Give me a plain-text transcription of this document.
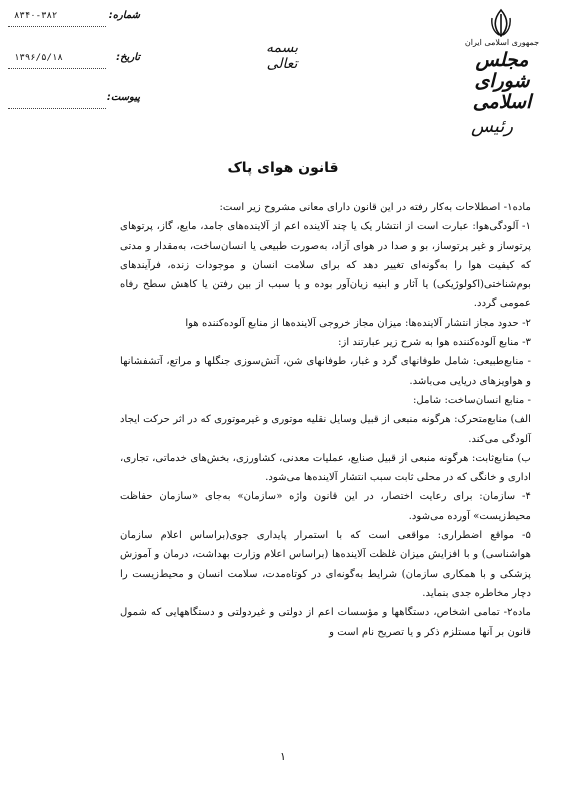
جمهوری اسلامی ایران
مجلس شورای اسلامی
رئیس
بسمه تعالی
شماره:
۸۳۴۰-۳۸۲
تاریخ:
۱۳۹۶/۵/۱۸
پیوست:
قانون هوای پاک

ماده۱- اصطلاحات به‌کار رفته در این قانون دارای معانی مشروح زیر است:

۱- آلودگی‌هوا: عبارت است از انتشار یک یا چند آلاینده اعم از آلاینده‌های جامد، مایع، گاز، پرتوهای پرتوساز و غیر پرتوساز، بو و صدا در هوای آزاد، به‌صورت طبیعی یا انسان‌ساخت، به‌مقدار و مدتی که کیفیت هوا را به‌گونه‌ای تغییر دهد که برای سلامت انسان و موجودات زنده، فرآیندهای بوم‌شناختی(اکولوژیکی) یا آثار و ابنیه زیان‌آور بوده و یا سبب از بین رفتن یا کاهش سطح رفاه عمومی گردد.

۲- حدود مجاز انتشار آلاینده‌ها: میزان مجاز خروجی آلاینده‌ها از منابع آلوده‌کننده هوا

۳- منابع آلوده‌کننده هوا به شرح زیر عبارتند از:

- منابع‌طبیعی: شامل طوفانهای گرد و غبار، طوفانهای شن، آتش‌سوزی جنگلها و مراتع، آتشفشانها و هواویزهای دریایی می‌باشد.

- منابع انسان‌ساخت: شامل:

الف) منابع‌متحرک: هرگونه منبعی از قبیل وسایل نقلیه موتوری و غیرموتوری که در اثر حرکت ایجاد آلودگی می‌کند.

ب) منابع‌ثابت: هرگونه منبعی از قبیل صنایع، عملیات معدنی، کشاورزی، بخش‌های خدماتی، تجاری، اداری و خانگی که در محلی ثابت سبب انتشار آلاینده‌ها می‌شود.

۴- سازمان: برای رعایت اختصار، در این قانون واژه «سازمان» به‌جای «سازمان حفاظت محیط‌زیست» آورده می‌شود.

۵- مواقع اضطراری: مواقعی است که با استمرار پایداری جوی(براساس اعلام سازمان هواشناسی) و با افزایش میزان غلظت آلاینده‌ها (براساس اعلام وزارت بهداشت، درمان و آموزش پزشکی و با همکاری سازمان) شرایط به‌گونه‌ای در کوتاه‌مدت، سلامت انسان و محیط‌زیست را دچار مخاطره جدی بنماید.

ماده۲- تمامی اشخاص، دستگاهها و مؤسسات اعم از دولتی و غیردولتی و دستگاههایی که شمول قانون بر آنها مستلزم ذکر و یا تصریح نام است و

۱
